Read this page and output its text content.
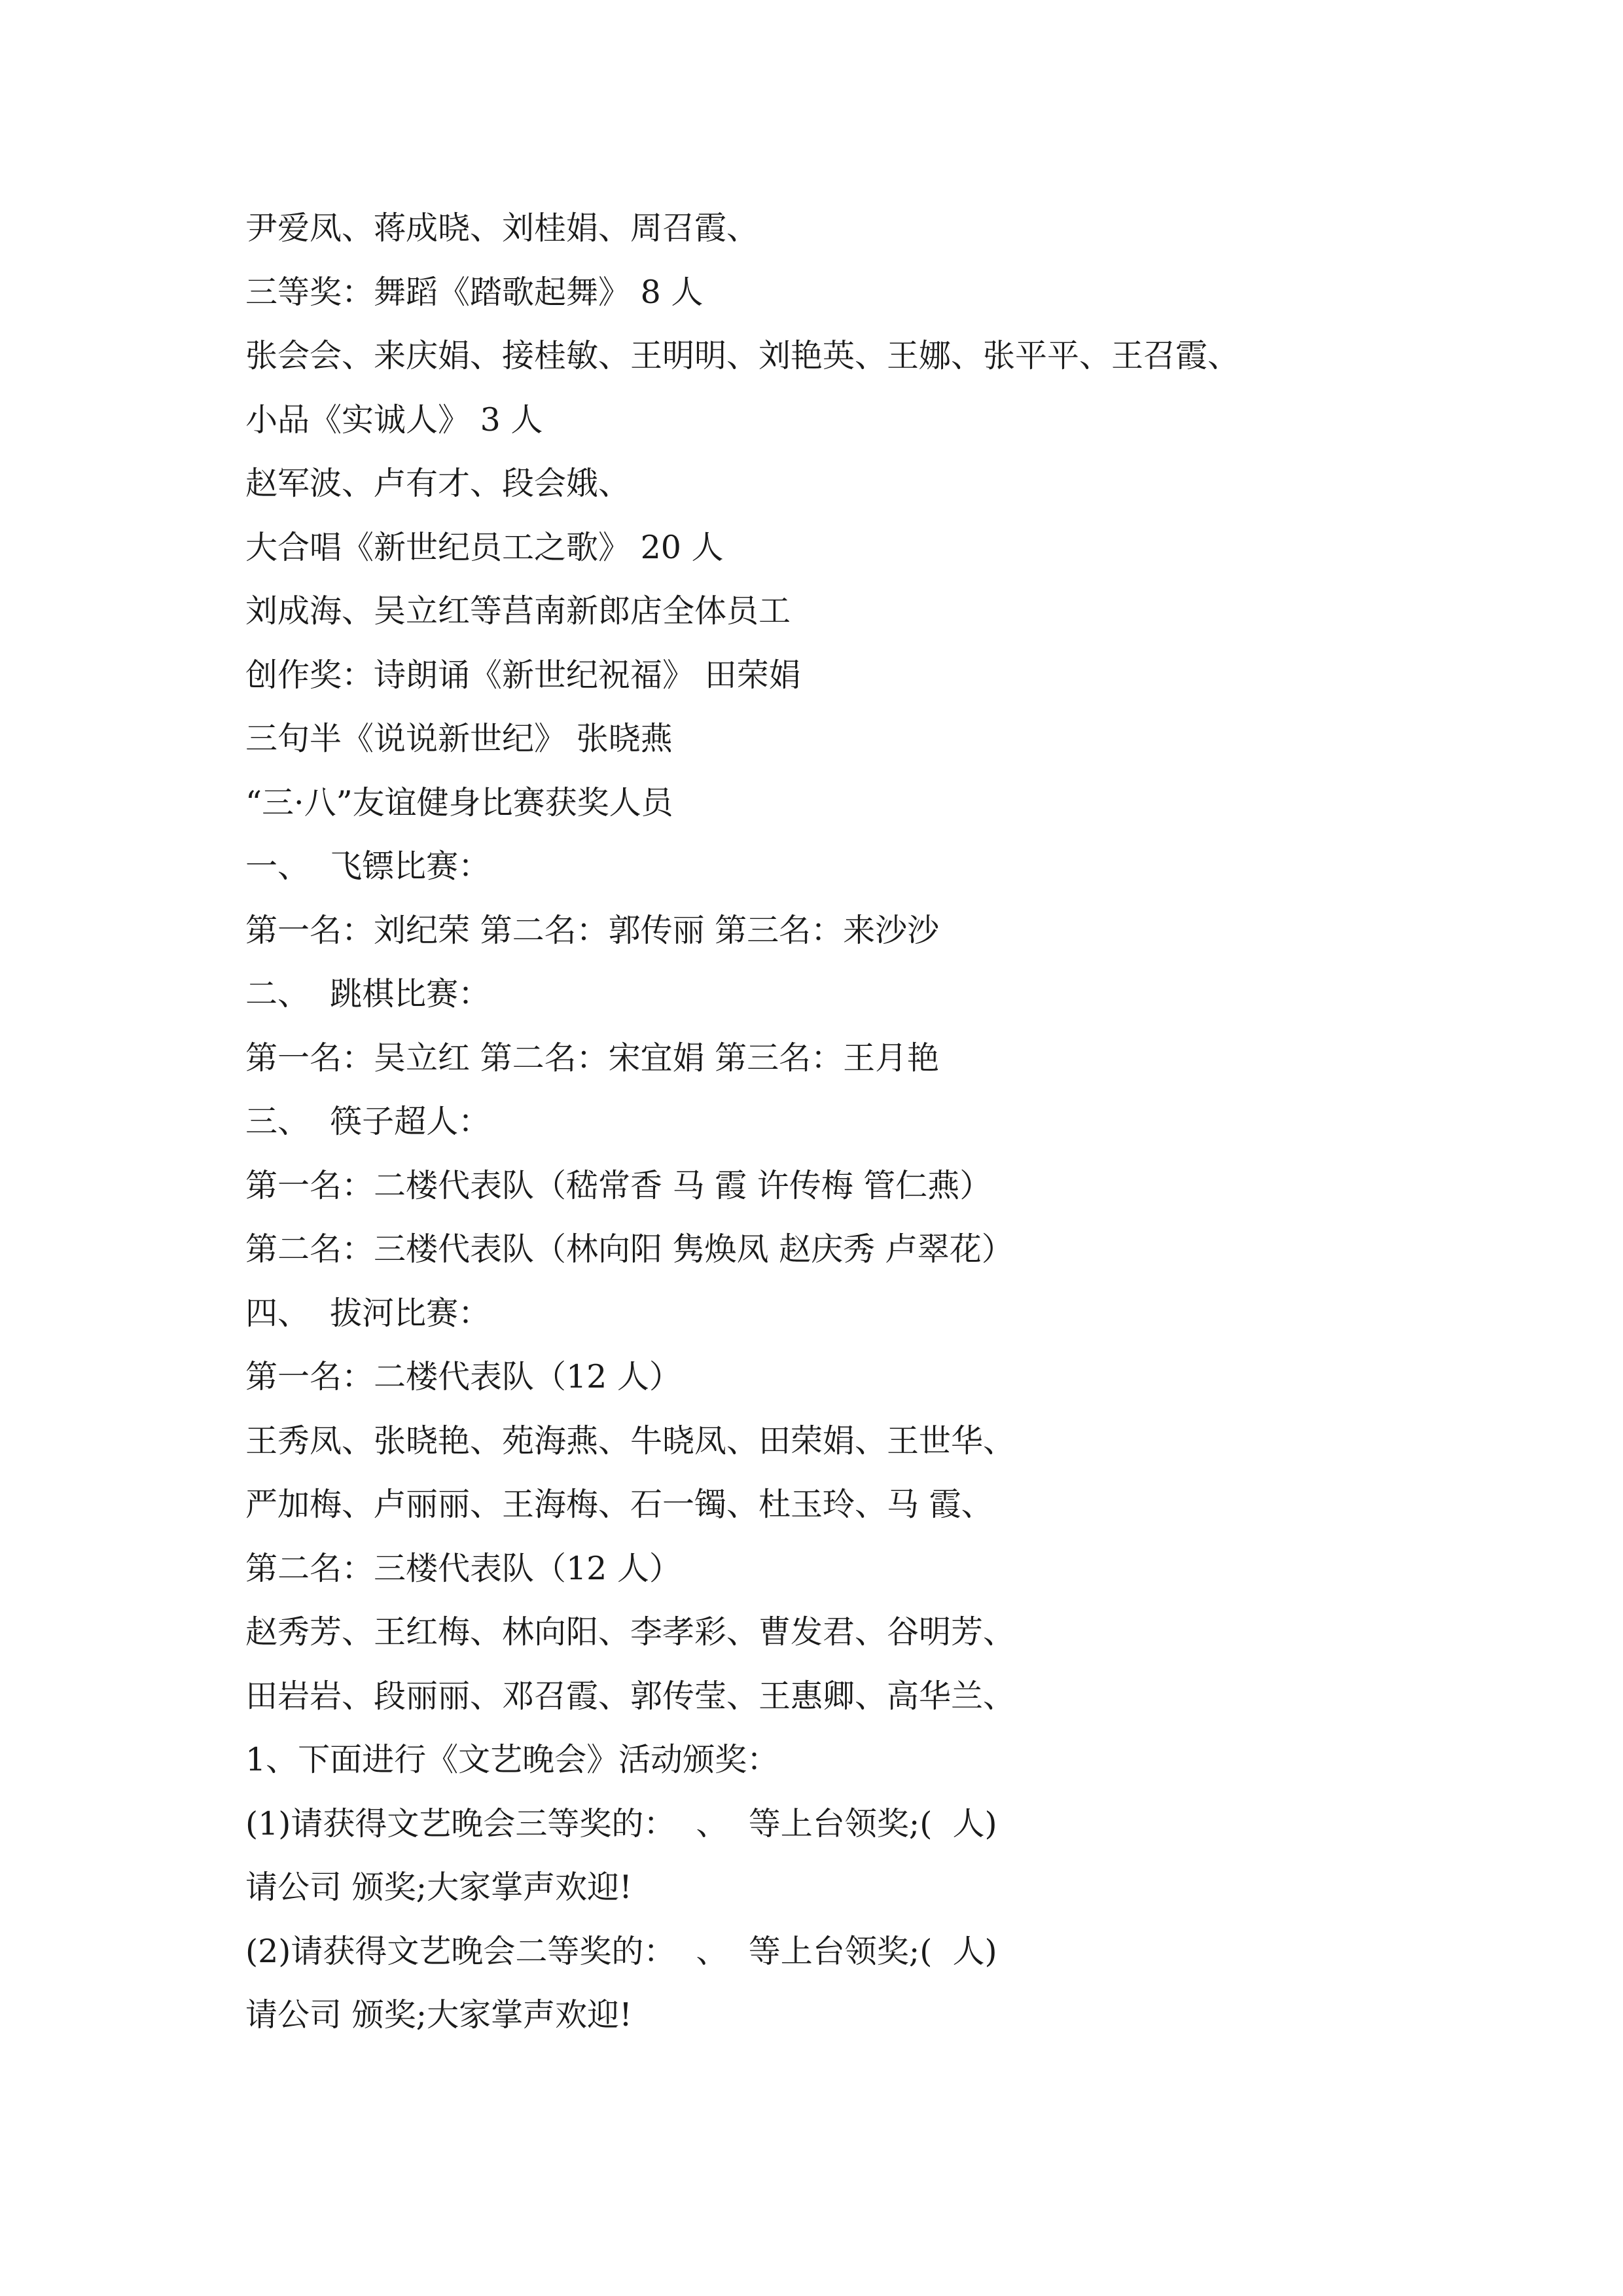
尹爱凤、蒋成晓、刘桂娟、周召霞、
三等奖：舞蹈《踏歌起舞》 8 人
张会会、来庆娟、接桂敏、王明明、刘艳英、王娜、张平平、王召霞、
小品《实诚人》 3 人
赵军波、卢有才、段会娥、
大合唱《新世纪员工之歌》 20 人
刘成海、吴立红等莒南新郎店全体员工
创作奖：诗朗诵《新世纪祝福》 田荣娟
三句半《说说新世纪》 张晓燕
“三·八”友谊健身比赛获奖人员
一、  飞镖比赛：
第一名：刘纪荣 第二名：郭传丽 第三名：来沙沙
二、  跳棋比赛：
第一名：吴立红 第二名：宋宜娟 第三名：王月艳
三、  筷子超人：
第一名：二楼代表队（嵇常香 马 霞 许传梅 管仁燕）
第二名：三楼代表队（林向阳 隽焕凤 赵庆秀 卢翠花）
四、  拔河比赛：
第一名：二楼代表队（12 人）
王秀凤、张晓艳、苑海燕、牛晓凤、田荣娟、王世华、
严加梅、卢丽丽、王海梅、石一镯、杜玉玲、马 霞、
第二名：三楼代表队（12 人）
赵秀芳、王红梅、林向阳、李孝彩、曹发君、谷明芳、
田岩岩、段丽丽、邓召霞、郭传莹、王惠卿、高华兰、
1、下面进行《文艺晚会》活动颁奖：
(1)请获得文艺晚会三等奖的：  、  等上台领奖;(  人)
请公司 颁奖;大家掌声欢迎!
(2)请获得文艺晚会二等奖的：  、  等上台领奖;(  人)
请公司 颁奖;大家掌声欢迎!
